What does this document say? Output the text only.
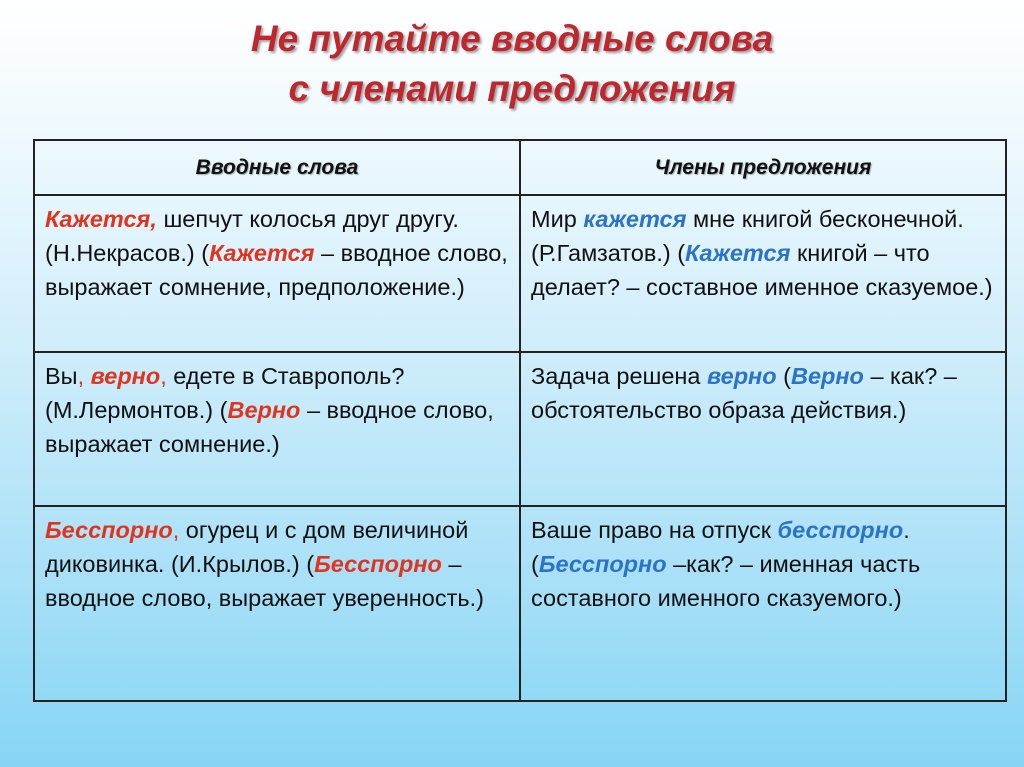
Не путайте вводные слова
с членами предложения
Вводные слова	Члены предложения
Кажется, шепчут колосья друг другу. (Н.Некрасов.) (Кажется – вводное слово, выражает сомнение, предположение.)	Мир кажется мне книгой бесконечной. (Р.Гамзатов.) (Кажется книгой – что делает? – составное именное сказуемое.)
Вы, верно, едете в Ставрополь? (М.Лермонтов.) (Верно – вводное слово, выражает сомнение.)	Задача решена верно (Верно – как? – обстоятельство образа действия.)
Бесспорно, огурец и с дом величиной диковинка. (И.Крылов.) (Бесспорно – вводное слово, выражает уверенность.)	Ваше право на отпуск бесспорно. (Бесспорно –как? – именная часть составного именного сказуемого.)
